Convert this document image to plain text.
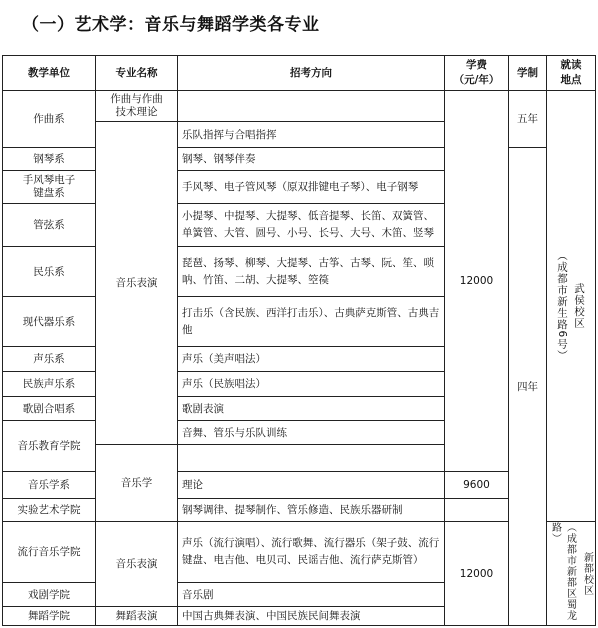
（一）艺术学：音乐与舞蹈学类各专业
教学单位	专业名称	招考方向
学费
（元/年）
学制
就读
地点
作曲系
钢琴系
手风琴电子
键盘系
管弦系
民乐系
现代器乐系
声乐系
民族声乐系
歌剧合唱系
音乐教育学院
音乐学系
实验艺术学院
流行音乐学院
戏剧学院
舞蹈学院
作曲与作曲
技术理论
音乐表演
音乐学
音乐表演
舞蹈表演
乐队指挥与合唱指挥
钢琴、钢琴伴奏
手风琴、电子管风琴（原双排键电子琴）、电子钢琴
小提琴、中提琴、大提琴、低音提琴、长笛、双簧管、单簧管、大管、圆号、小号、长号、大号、木笛、竖琴
琵琶、扬琴、柳琴、大提琴、古筝、古琴、阮、笙、唢呐、竹笛、二胡、大提琴、箜篌
打击乐（含民族、西洋打击乐）、古典萨克斯管、古典吉他
声乐（美声唱法）
声乐（民族唱法）
歌剧表演
音舞、管乐与乐队训练
理论
钢琴调律、提琴制作、管乐修造、民族乐器研制
声乐（流行演唱）、流行歌舞、流行器乐（架子鼓、流行键盘、电吉他、电贝司、民谣吉他、流行萨克斯管）
音乐剧
中国古典舞表演、中国民族民间舞表演
12000
9600
12000
五年
四年
（成都市新生路6号） 武侯校区
（成都市新都区蜀龙路）
新都校区
